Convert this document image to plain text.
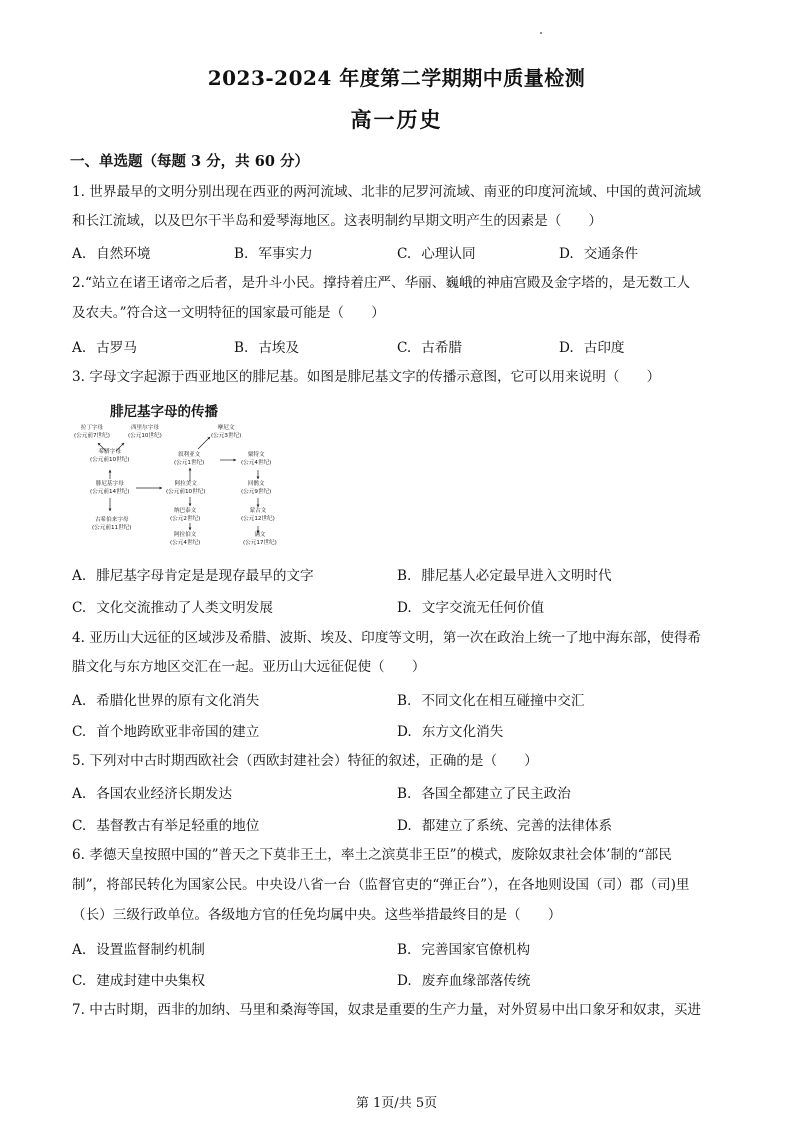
2023-2024 年度第二学期期中质量检测
高一历史
一、单选题（每题 3 分，共 60 分）
1. 世界最早的文明分别出现在西亚的两河流域、北非的尼罗河流域、南亚的印度河流域、中国的黄河流域
和长江流域，以及巴尔干半岛和爱琴海地区。这表明制约早期文明产生的因素是（　　）
A. 自然环境	B. 军事实力	C. 心理认同	D. 交通条件
2.“站立在诸王诸帝之后者，是升斗小民。撑持着庄严、华丽、巍峨的神庙宫殿及金字塔的，是无数工人
及农夫。”符合这一文明特征的国家最可能是（　　）
A. 古罗马	B. 古埃及	C. 古希腊	D. 古印度
3. 字母文字起源于西亚地区的腓尼基。如图是腓尼基文字的传播示意图，它可以用来说明（　　）
腓尼基字母的传播
拉丁字母
(公元前7世纪)
西里尔字母
(公元10世纪)
希腊字母
(公元前10世纪)
腓尼基字母
(公元前14世纪)
古希伯来字母
(公元前11世纪)
摩尼文
(公元3世纪)
叙利亚文
(公元1世纪)
粟特文
(公元4世纪)
阿拉美文
(公元前10世纪)
回鹘文
(公元9世纪)
纳巴泰文
(公元2世纪)
蒙古文
(公元12世纪)
阿拉伯文
(公元4世纪)
满文
(公元17世纪)
A. 腓尼基字母肯定是是现存最早的文字	B. 腓尼基人必定最早进入文明时代
C. 文化交流推动了人类文明发展	D. 文字交流无任何价值
4. 亚历山大远征的区域涉及希腊、波斯、埃及、印度等文明，第一次在政治上统一了地中海东部，使得希
腊文化与东方地区交汇在一起。亚历山大远征促使（　　）
A. 希腊化世界的原有文化消失	B. 不同文化在相互碰撞中交汇
C. 首个地跨欧亚非帝国的建立	D. 东方文化消失
5. 下列对中古时期西欧社会（西欧封建社会）特征的叙述，正确的是（　　）
A. 各国农业经济长期发达	B. 各国全都建立了民主政治
C. 基督教古有举足轻重的地位	D. 都建立了系统、完善的法律体系
6. 孝德天皇按照中国的”普天之下莫非王土，率土之滨莫非王臣”的模式，废除奴隶社会体’制的“部民
制”，将部民转化为国家公民。中央设八省一台（监督官吏的“弹正台”），在各地则设国（司）郡（司)里
（长）三级行政单位。各级地方官的任免均属中央。这些举措最终目的是（　　）
A. 设置监督制约机制	B. 完善国家官僚机构
C. 建成封建中央集权	D. 废弃血缘部落传统
7. 中古时期，西非的加纳、马里和桑海等国，奴隶是重要的生产力量，对外贸易中出口象牙和奴隶，买进
第 1页/共 5页
